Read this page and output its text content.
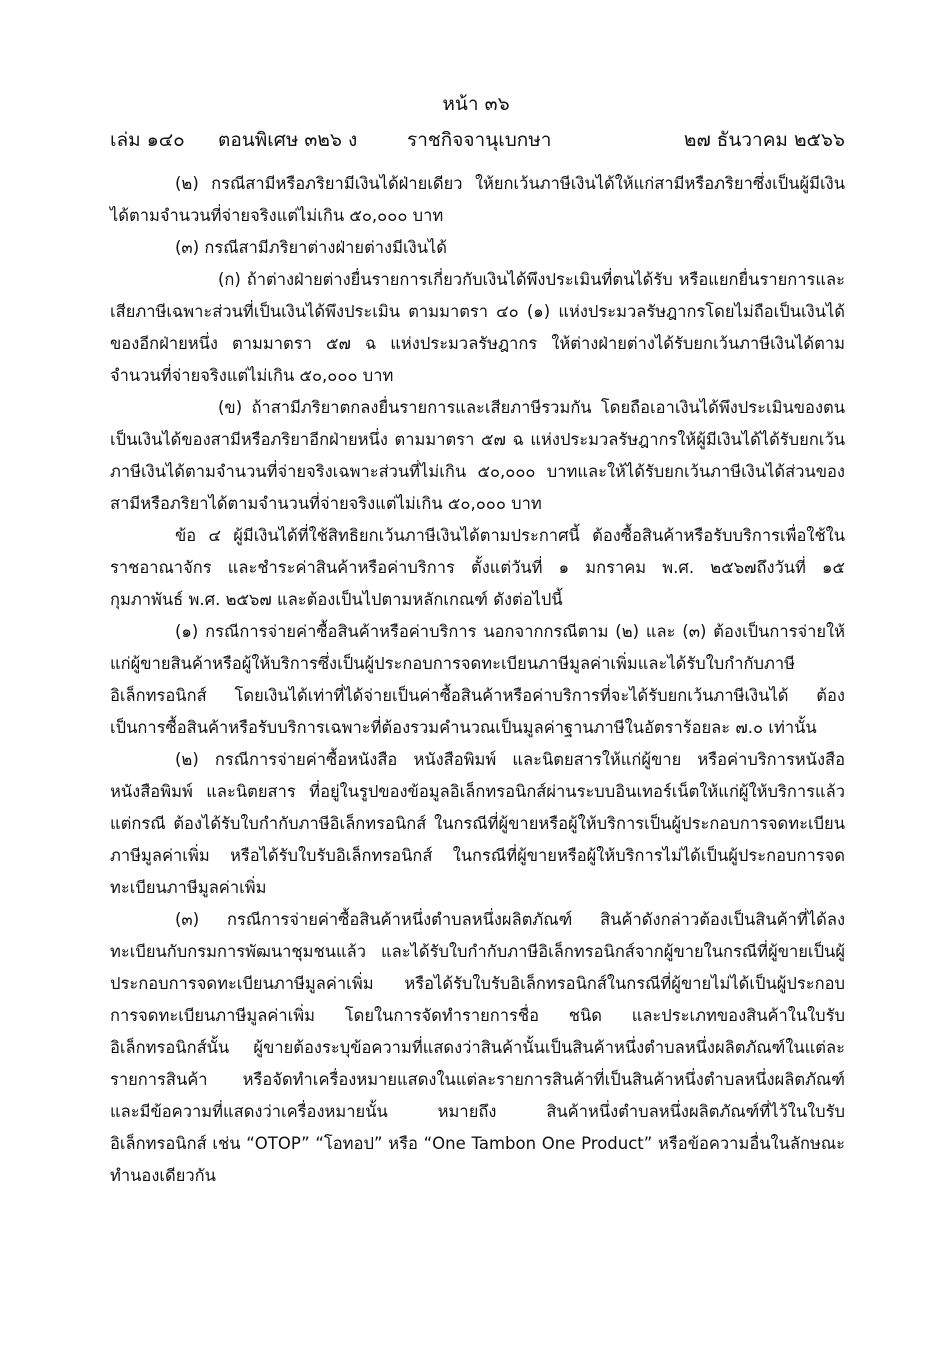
หน้า ๓๖
เล่ม ๑๔๐ ตอนพิเศษ ๓๒๖ ง	ราชกิจจานุเบกษา	๒๗ ธันวาคม ๒๕๖๖

(๒) กรณีสามีหรือภริยามีเงินได้ฝ่ายเดียว ให้ยกเว้นภาษีเงินได้ให้แก่สามีหรือภริยาซึ่งเป็นผู้มีเงินได้ตามจำนวนที่จ่ายจริงแต่ไม่เกิน ๕๐,๐๐๐ บาท

(๓) กรณีสามีภริยาต่างฝ่ายต่างมีเงินได้

(ก) ถ้าต่างฝ่ายต่างยื่นรายการเกี่ยวกับเงินได้พึงประเมินที่ตนได้รับ หรือแยกยื่นรายการและเสียภาษีเฉพาะส่วนที่เป็นเงินได้พึงประเมิน ตามมาตรา ๔๐ (๑) แห่งประมวลรัษฎากรโดยไม่ถือเป็นเงินได้ของอีกฝ่ายหนึ่ง ตามมาตรา ๕๗ ฉ แห่งประมวลรัษฎากร ให้ต่างฝ่ายต่างได้รับยกเว้นภาษีเงินได้ตามจำนวนที่จ่ายจริงแต่ไม่เกิน ๕๐,๐๐๐ บาท

(ข) ถ้าสามีภริยาตกลงยื่นรายการและเสียภาษีรวมกัน โดยถือเอาเงินได้พึงประเมินของตนเป็นเงินได้ของสามีหรือภริยาอีกฝ่ายหนึ่ง ตามมาตรา ๕๗ ฉ แห่งประมวลรัษฎากรให้ผู้มีเงินได้ได้รับยกเว้นภาษีเงินได้ตามจำนวนที่จ่ายจริงเฉพาะส่วนที่ไม่เกิน ๕๐,๐๐๐ บาทและให้ได้รับยกเว้นภาษีเงินได้ส่วนของสามีหรือภริยาได้ตามจำนวนที่จ่ายจริงแต่ไม่เกิน ๕๐,๐๐๐ บาท

ข้อ ๔ ผู้มีเงินได้ที่ใช้สิทธิยกเว้นภาษีเงินได้ตามประกาศนี้ ต้องซื้อสินค้าหรือรับบริการเพื่อใช้ในราชอาณาจักร และชำระค่าสินค้าหรือค่าบริการ ตั้งแต่วันที่ ๑ มกราคม พ.ศ. ๒๕๖๗ถึงวันที่ ๑๕ กุมภาพันธ์ พ.ศ. ๒๕๖๗ และต้องเป็นไปตามหลักเกณฑ์ ดังต่อไปนี้

(๑) กรณีการจ่ายค่าซื้อสินค้าหรือค่าบริการ นอกจากกรณีตาม (๒) และ (๓) ต้องเป็นการจ่ายให้แก่ผู้ขายสินค้าหรือผู้ให้บริการซึ่งเป็นผู้ประกอบการจดทะเบียนภาษีมูลค่าเพิ่มและได้รับใบกำกับภาษีอิเล็กทรอนิกส์ โดยเงินได้เท่าที่ได้จ่ายเป็นค่าซื้อสินค้าหรือค่าบริการที่จะได้รับยกเว้นภาษีเงินได้ ต้องเป็นการซื้อสินค้าหรือรับบริการเฉพาะที่ต้องรวมคำนวณเป็นมูลค่าฐานภาษีในอัตราร้อยละ ๗.๐ เท่านั้น

(๒) กรณีการจ่ายค่าซื้อหนังสือ หนังสือพิมพ์ และนิตยสารให้แก่ผู้ขาย หรือค่าบริการหนังสือหนังสือพิมพ์ และนิตยสาร ที่อยู่ในรูปของข้อมูลอิเล็กทรอนิกส์ผ่านระบบอินเทอร์เน็ตให้แก่ผู้ให้บริการแล้วแต่กรณี ต้องได้รับใบกำกับภาษีอิเล็กทรอนิกส์ ในกรณีที่ผู้ขายหรือผู้ให้บริการเป็นผู้ประกอบการจดทะเบียนภาษีมูลค่าเพิ่ม หรือได้รับใบรับอิเล็กทรอนิกส์ ในกรณีที่ผู้ขายหรือผู้ให้บริการไม่ได้เป็นผู้ประกอบการจดทะเบียนภาษีมูลค่าเพิ่ม

(๓) กรณีการจ่ายค่าซื้อสินค้าหนึ่งตำบลหนึ่งผลิตภัณฑ์ สินค้าดังกล่าวต้องเป็นสินค้าที่ได้ลงทะเบียนกับกรมการพัฒนาชุมชนแล้ว และได้รับใบกำกับภาษีอิเล็กทรอนิกส์จากผู้ขายในกรณีที่ผู้ขายเป็นผู้ประกอบการจดทะเบียนภาษีมูลค่าเพิ่ม หรือได้รับใบรับอิเล็กทรอนิกส์ในกรณีที่ผู้ขายไม่ได้เป็นผู้ประกอบการจดทะเบียนภาษีมูลค่าเพิ่ม โดยในการจัดทำรายการชื่อ ชนิด และประเภทของสินค้าในใบรับอิเล็กทรอนิกส์นั้น ผู้ขายต้องระบุข้อความที่แสดงว่าสินค้านั้นเป็นสินค้าหนึ่งตำบลหนึ่งผลิตภัณฑ์ในแต่ละรายการสินค้า หรือจัดทำเครื่องหมายแสดงในแต่ละรายการสินค้าที่เป็นสินค้าหนึ่งตำบลหนึ่งผลิตภัณฑ์ และมีข้อความที่แสดงว่าเครื่องหมายนั้น หมายถึง สินค้าหนึ่งตำบลหนึ่งผลิตภัณฑ์ที่ไว้ในใบรับอิเล็กทรอนิกส์ เช่น “OTOP” “โอทอป” หรือ “One Tambon One Product” หรือข้อความอื่นในลักษณะทำนองเดียวกัน
